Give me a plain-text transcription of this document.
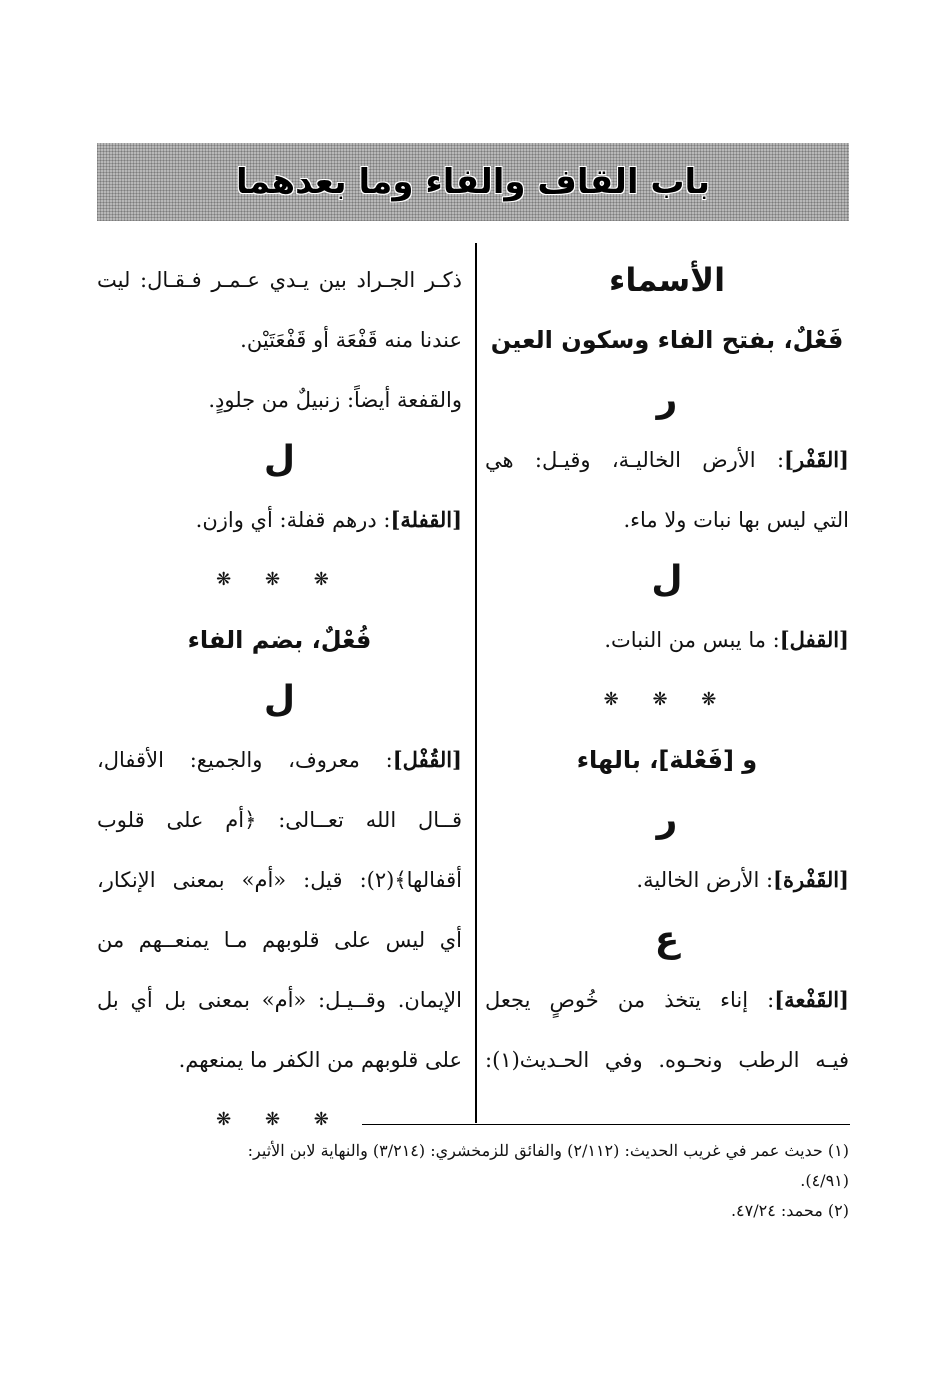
باب القاف والفاء وما بعدهما
الأسماء
فَعْلٌ، بفتح الفاء وسكون العين
ر
[القَفْر]: الأرض الخاليـة، وقيـل: هي
التي ليس بها نبات ولا ماء.
ل
[القفل]: ما يبس من النبات.
❋ ❋ ❋
و [فَعْلة]، بالهاء
ر
[القَفْرة]: الأرض الخالية.
ع
[القَفْعة]: إناء يتخذ من خُوصٍ يجعل
فيـه الرطب ونحـوه. وفي الحـديث(١):
ذكـر الجـراد بين يـدي عـمـر فـقـال: ليت
عندنا منه قَفْعَة أو قَفْعَتَيْن.
والقفعة أيضاً: زنبيلٌ من جلودٍ.
ل
[القفلة]: درهم قفلة: أي وازن.
❋ ❋ ❋
فُعْلٌ، بضم الفاء
ل
[القُفْل]: معروف، والجميع: الأقفال،
قــال الله تعــالى: ﴿أم على قلوب
أقفالها﴾(٢): قيل: «أم» بمعنى الإنكار،
أي ليس على قلوبهم مـا يمنعــهم من
الإيمان. وقــيـل: «أم» بمعنى بل أي بل
على قلوبهم من الكفر ما يمنعهم.
❋ ❋ ❋
(١) حديث عمر في غريب الحديث: (٢/١١٢) والفائق للزمخشري: (٣/٢١٤) والنهاية لابن الأثير:
(٤/٩١).
(٢) محمد: ٤٧/٢٤.
